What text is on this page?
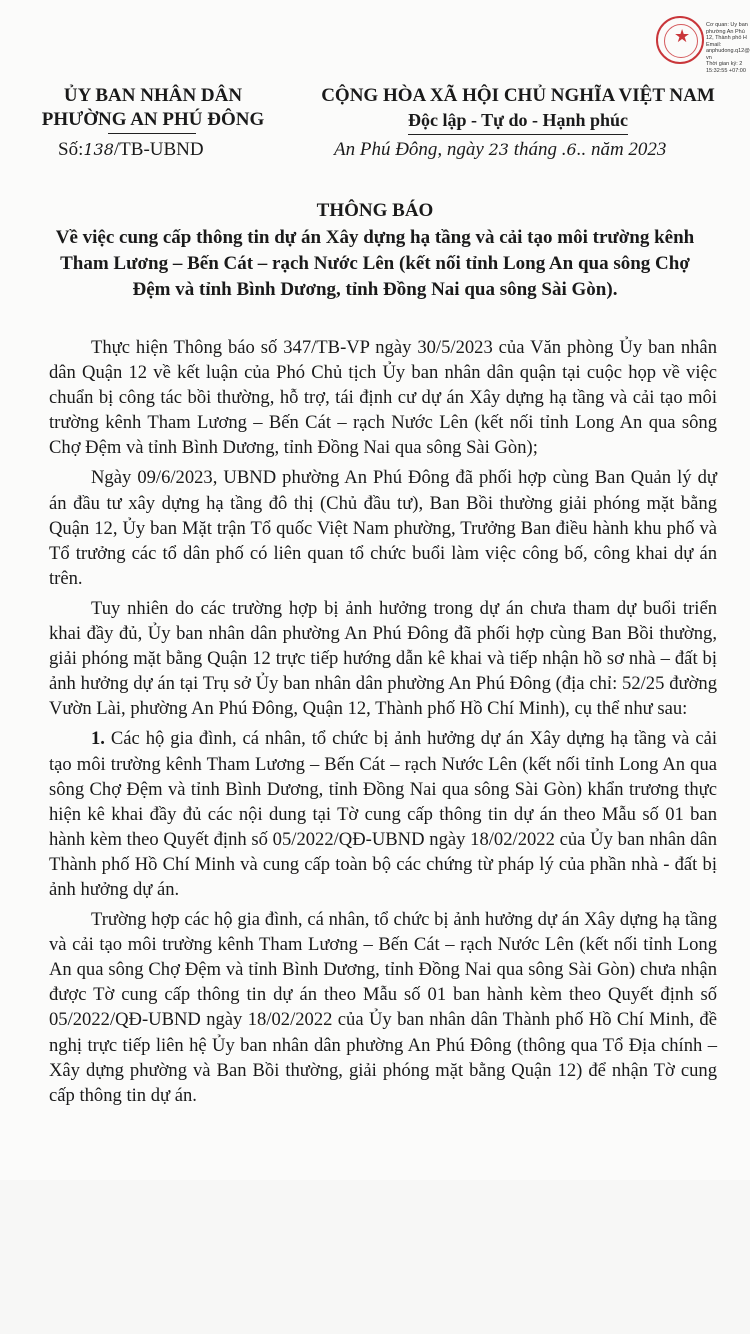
★
Cơ quan: Ủy ban
phường An Phú
12, Thành phố H
Email:
anphudong.q12@
vn
Thời gian ký: 2
15:32:55 +07:00
ỦY BAN NHÂN DÂN
PHƯỜNG AN PHÚ ĐÔNG
CỘNG HÒA XÃ HỘI CHỦ NGHĨA VIỆT NAM
Độc lập - Tự do - Hạnh phúc
Số:138/TB-UBND	An Phú Đông, ngày 23 tháng .6.. năm 2023
THÔNG BÁO
Về việc cung cấp thông tin dự án Xây dựng hạ tầng và cải tạo môi trường kênh Tham Lương – Bến Cát – rạch Nước Lên (kết nối tỉnh Long An qua sông Chợ Đệm và tỉnh Bình Dương, tỉnh Đồng Nai qua sông Sài Gòn).

Thực hiện Thông báo số 347/TB-VP ngày 30/5/2023 của Văn phòng Ủy ban nhân dân Quận 12 về kết luận của Phó Chủ tịch Ủy ban nhân dân quận tại cuộc họp về việc chuẩn bị công tác bồi thường, hỗ trợ, tái định cư dự án Xây dựng hạ tầng và cải tạo môi trường kênh Tham Lương – Bến Cát – rạch Nước Lên (kết nối tỉnh Long An qua sông Chợ Đệm và tỉnh Bình Dương, tỉnh Đồng Nai qua sông Sài Gòn);

Ngày 09/6/2023, UBND phường An Phú Đông đã phối hợp cùng Ban Quản lý dự án đầu tư xây dựng hạ tầng đô thị (Chủ đầu tư), Ban Bồi thường giải phóng mặt bằng Quận 12, Ủy ban Mặt trận Tổ quốc Việt Nam phường, Trưởng Ban điều hành khu phố và Tổ trưởng các tổ dân phố có liên quan tổ chức buổi làm việc công bố, công khai dự án trên.

Tuy nhiên do các trường hợp bị ảnh hưởng trong dự án chưa tham dự buổi triển khai đầy đủ, Ủy ban nhân dân phường An Phú Đông đã phối hợp cùng Ban Bồi thường, giải phóng mặt bằng Quận 12 trực tiếp hướng dẫn kê khai và tiếp nhận hồ sơ nhà – đất bị ảnh hưởng dự án tại Trụ sở Ủy ban nhân dân phường An Phú Đông (địa chỉ: 52/25 đường Vườn Lài, phường An Phú Đông, Quận 12, Thành phố Hồ Chí Minh), cụ thể như sau:

1. Các hộ gia đình, cá nhân, tổ chức bị ảnh hưởng dự án Xây dựng hạ tầng và cải tạo môi trường kênh Tham Lương – Bến Cát – rạch Nước Lên (kết nối tỉnh Long An qua sông Chợ Đệm và tỉnh Bình Dương, tỉnh Đồng Nai qua sông Sài Gòn) khẩn trương thực hiện kê khai đầy đủ các nội dung tại Tờ cung cấp thông tin dự án theo Mẫu số 01 ban hành kèm theo Quyết định số 05/2022/QĐ-UBND ngày 18/02/2022 của Ủy ban nhân dân Thành phố Hồ Chí Minh và cung cấp toàn bộ các chứng từ pháp lý của phần nhà - đất bị ảnh hưởng dự án.

Trường hợp các hộ gia đình, cá nhân, tổ chức bị ảnh hưởng dự án Xây dựng hạ tầng và cải tạo môi trường kênh Tham Lương – Bến Cát – rạch Nước Lên (kết nối tỉnh Long An qua sông Chợ Đệm và tỉnh Bình Dương, tỉnh Đồng Nai qua sông Sài Gòn) chưa nhận được Tờ cung cấp thông tin dự án theo Mẫu số 01 ban hành kèm theo Quyết định số 05/2022/QĐ-UBND ngày 18/02/2022 của Ủy ban nhân dân Thành phố Hồ Chí Minh, đề nghị trực tiếp liên hệ Ủy ban nhân dân phường An Phú Đông (thông qua Tổ Địa chính – Xây dựng phường và Ban Bồi thường, giải phóng mặt bằng Quận 12) để nhận Tờ cung cấp thông tin dự án.
